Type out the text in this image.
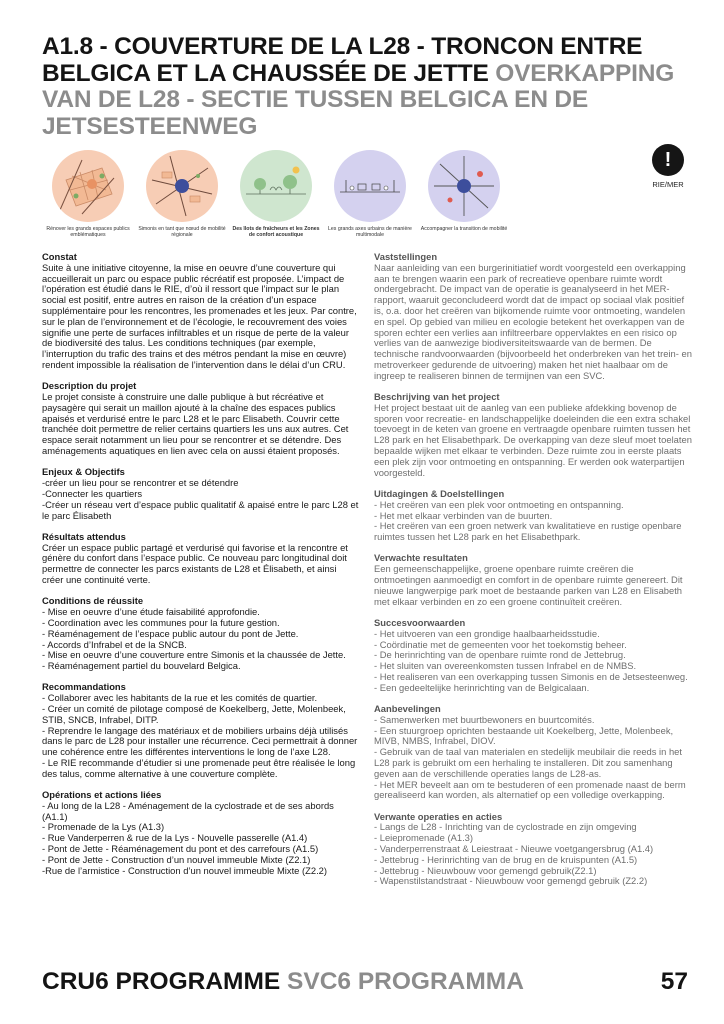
A1.8 - COUVERTURE DE LA L28 - TRONCON ENTRE BELGICA ET LA CHAUSSÉE DE JETTE OVERKAPPING VAN DE L28 - SECTIE TUSSEN BELGICA EN DE JETSESTEENWEG
Rénover les grands espaces publics emblématiques
Simonis en tant que nœud de mobilité régionale
Des îlots de fraîcheurs et les Zones de confort acoustique
Les grands axes urbains de manière multimodale
Accompagner la transition de mobilité
!
RIE/MER
Constat

Suite à une initiative citoyenne, la mise en oeuvre d’une couverture qui accueillerait un parc ou espace public récréatif est proposée. L’impact de l’opération est étudié dans le RIE, d’où il ressort que l’impact sur le plan social est positif, entre autres en raison de la création d’un espace supplémentaire pour les rencontres, les promenades et les jeux. Par contre, sur le plan de l’environnement et de l’écologie, le recouvrement des voies signifie une perte de surfaces infiltrables et un risque de perte de la valeur de biodiversité des talus. Les conditions techniques (par exemple, l’interruption du trafic des trains et des métros pendant la mise en œuvre) rendent impossible la réalisation de l’intervention dans le délai d’un CRU.

Description du projet

Le projet consiste à construire une dalle publique à but récréative et paysagère qui serait un maillon ajouté à la chaîne des espaces publics apaisés et verdurisé entre le parc L28 et le parc Elisabeth. Couvrir cette tranchée doit permettre de relier certains quartiers les uns aux autres. Cet espace serait notamment un lieu pour se rencontrer et se détendre. Des aménagements aquatiques en lien avec cela on aussi étaient proposés.

Enjeux & Objectifs

-créer un lieu pour se rencontrer et se détendre
-Connecter les quartiers
-Créer un réseau vert d’espace public qualitatif & apaisé entre le parc L28 et le parc Élisabeth

Résultats attendus

Créer un espace public partagé et verdurisé qui favorise et la rencontre et génère du confort dans l’espace public. Ce nouveau parc longitudinal doit permettre de connecter les parcs existants de L28 et Élisabeth, et ainsi créer une continuité verte.

Conditions de réussite

- Mise en oeuvre d’une étude faisabilité approfondie.
- Coordination avec les communes pour la future gestion.
- Réaménagement de l’espace public autour du pont de Jette.
- Accords d’Infrabel et de la SNCB.
- Mise en oeuvre d’une couverture entre Simonis et la chaussée de Jette.
- Réaménagement partiel du bouvelard Belgica.

Recommandations

- Collaborer avec les habitants de la rue et les comités de quartier.
- Créer un comité de pilotage composé de Koekelberg, Jette, Molenbeek, STIB, SNCB, Infrabel, DITP.
- Reprendre le langage des matériaux et de mobiliers urbains déjà utilisés dans le parc de L28 pour installer une récurrence. Ceci permettrait à donner une cohérence entre les différentes interventions le long de l’axe L28.
- Le RIE recommande d’étudier si une promenade peut être réalisée le long des talus, comme alternative à une couverture complète.

Opérations et actions liées

- Au long de la L28 - Aménagement de la cyclostrade et de ses abords (A1.1)
- Promenade de la Lys (A1.3)
- Rue Vanderperren & rue de la Lys - Nouvelle passerelle (A1.4)
- Pont de Jette - Réaménagement du pont et des carrefours (A1.5)
- Pont de Jette - Construction d’un nouvel immeuble Mixte (Z2.1)
-Rue de l’armistice - Construction d’un nouvel immeuble Mixte (Z2.2)

Vaststellingen

Naar aanleiding van een burgerinitiatief wordt voorgesteld een overkapping aan te brengen waarin een park of recreatieve openbare ruimte wordt ondergebracht. De impact van de operatie is geanalyseerd in het MER-rapport, waaruit geconcludeerd wordt dat de impact op sociaal vlak positief is, o.a. door het creëren van bijkomende ruimte voor ontmoeting, wandelen en spel. Op gebied van milieu en ecologie betekent het overkappen van de sporen echter een verlies aan infiltreerbare oppervlaktes en een risico op verlies van de aanwezige biodiversiteitswaarde van de bermen. De technische randvoorwaarden (bijvoorbeeld het onderbreken van het trein- en metroverkeer gedurende de uitvoering) maken het niet haalbaar om de ingreep te realiseren binnen de termijnen van een SVC.

Beschrijving van het project

Het project bestaat uit de aanleg van een publieke afdekking bovenop de sporen voor recreatie- en landschappelijke doeleinden die een extra schakel toevoegt in de keten van groene en vertraagde openbare ruimten tussen het L28 park en het Elisabethpark. De overkapping van deze sleuf moet toelaten bepaalde wijken met elkaar te verbinden. Deze ruimte zou in eerste plaats een plek zijn voor ontmoeting en ontspanning. Er werden ook waterpartijen voorgesteld.

Uitdagingen & Doelstellingen

- Het creëren van een plek voor ontmoeting en ontspanning.
- Het met elkaar verbinden van de buurten.
- Het creëren van een groen netwerk van kwalitatieve en rustige openbare ruimtes tussen het L28 park en het Elisabethpark.

Verwachte resultaten

Een gemeenschappelijke, groene openbare ruimte creëren die ontmoetingen aanmoedigt en comfort in de openbare ruimte genereert. Dit nieuwe langwerpige park moet de bestaande parken van L28 en Elisabeth met elkaar verbinden en zo een groene continuïteit creëren.

Succesvoorwaarden

- Het uitvoeren van een grondige haalbaarheidsstudie.
- Coördinatie met de gemeenten voor het toekomstig beheer.
- De herinrichting van de openbare ruimte rond de Jettebrug.
- Het sluiten van overeenkomsten tussen Infrabel en de NMBS.
- Het realiseren van een overkapping tussen Simonis en de Jetsesteenweg.
- Een gedeeltelijke herinrichting van de Belgicalaan.

Aanbevelingen

- Samenwerken met buurtbewoners en buurtcomités.
- Een stuurgroep oprichten bestaande uit Koekelberg, Jette, Molenbeek, MIVB, NMBS, Infrabel, DIOV.
- Gebruik van de taal van materialen en stedelijk meubilair die reeds in het L28 park is gebruikt om een herhaling te installeren. Dit zou samenhang geven aan de verschillende operaties langs de L28-as.
- Het MER beveelt aan om te bestuderen of een promenade naast de berm gerealiseerd kan worden, als alternatief op een volledige overkapping.

Verwante operaties en acties

- Langs de L28 - Inrichting van de cyclostrade en zijn omgeving
- Leiepromenade (A1.3)
- Vanderperrenstraat & Leiestraat - Nieuwe voetgangersbrug (A1.4)
- Jettebrug - Herinrichting van de brug en de kruispunten (A1.5)
- Jettebrug - Nieuwbouw voor gemengd gebruik(Z2.1)
- Wapenstilstandstraat - Nieuwbouw voor gemengd gebruik (Z2.2)

CRU6 PROGRAMME SVC6 PROGRAMMA	57
